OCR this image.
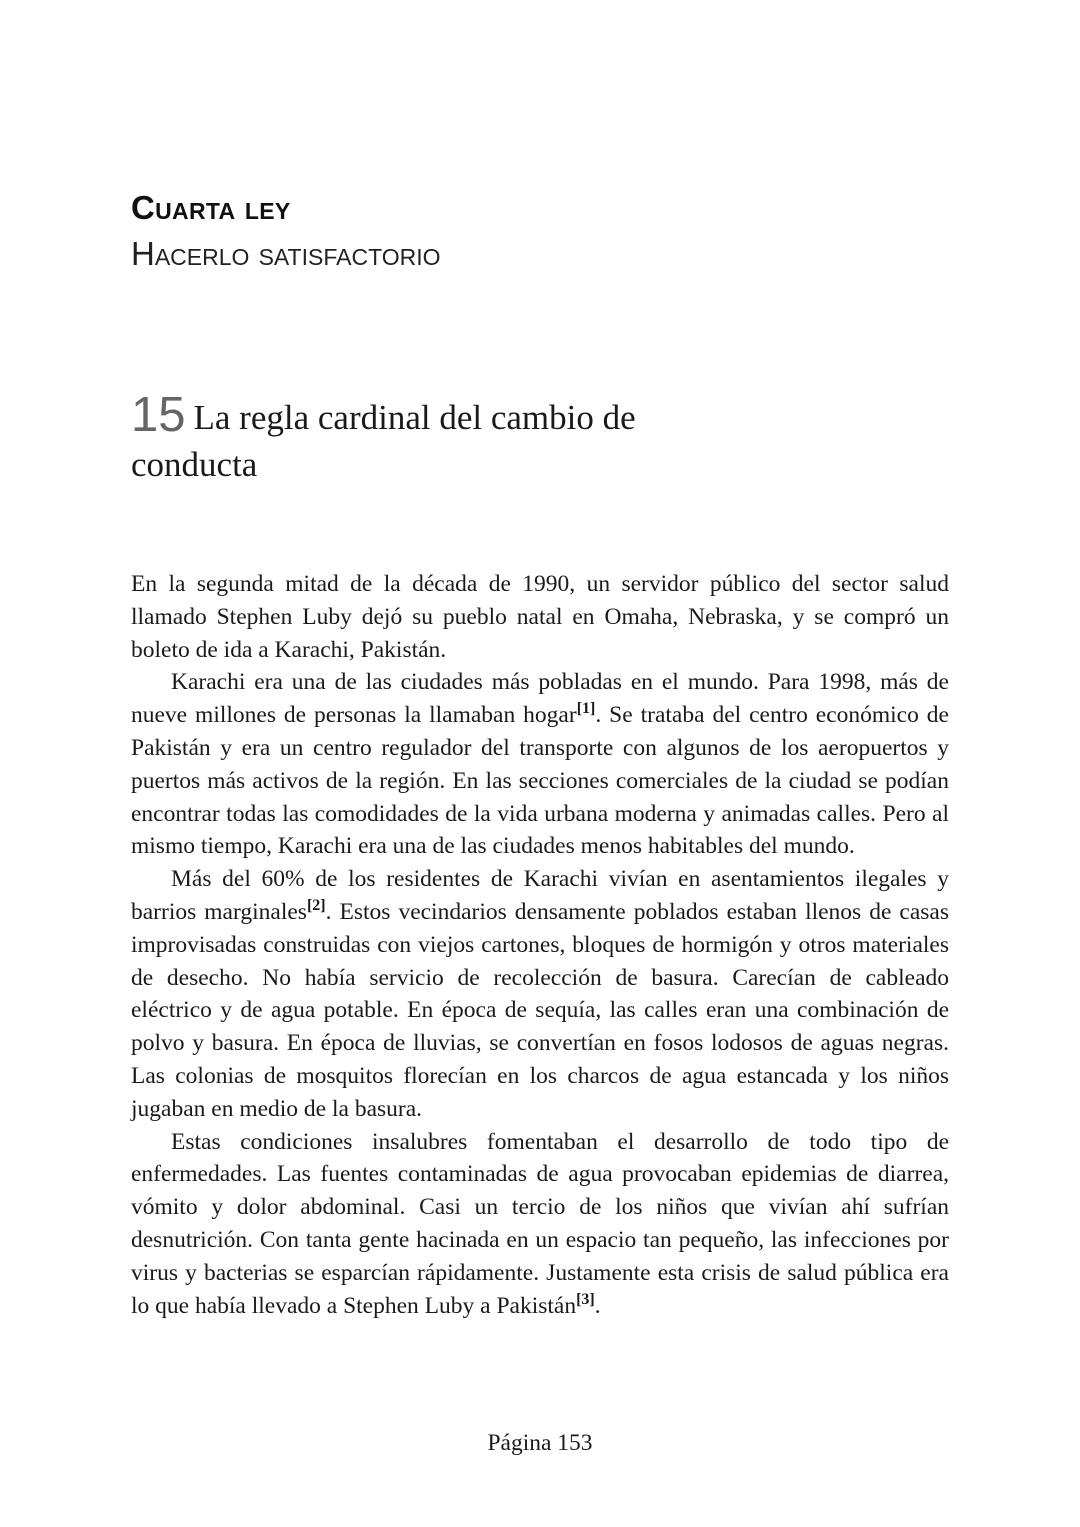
Cuarta ley
Hacerlo satisfactorio
15 La regla cardinal del cambio de conducta

En la segunda mitad de la década de 1990, un servidor público del sector salud llamado Stephen Luby dejó su pueblo natal en Omaha, Nebraska, y se compró un boleto de ida a Karachi, Pakistán.

Karachi era una de las ciudades más pobladas en el mundo. Para 1998, más de nueve millones de personas la llamaban hogar[1]. Se trataba del centro económico de Pakistán y era un centro regulador del transporte con algunos de los aeropuertos y puertos más activos de la región. En las secciones comerciales de la ciudad se podían encontrar todas las comodidades de la vida urbana moderna y animadas calles. Pero al mismo tiempo, Karachi era una de las ciudades menos habitables del mundo.

Más del 60% de los residentes de Karachi vivían en asentamientos ilegales y barrios marginales[2]. Estos vecindarios densamente poblados estaban llenos de casas improvisadas construidas con viejos cartones, bloques de hormigón y otros materiales de desecho. No había servicio de recolección de basura. Carecían de cableado eléctrico y de agua potable. En época de sequía, las calles eran una combinación de polvo y basura. En época de lluvias, se convertían en fosos lodosos de aguas negras. Las colonias de mosquitos florecían en los charcos de agua estancada y los niños jugaban en medio de la basura.

Estas condiciones insalubres fomentaban el desarrollo de todo tipo de enfermedades. Las fuentes contaminadas de agua provocaban epidemias de diarrea, vómito y dolor abdominal. Casi un tercio de los niños que vivían ahí sufrían desnutrición. Con tanta gente hacinada en un espacio tan pequeño, las infecciones por virus y bacterias se esparcían rápidamente. Justamente esta crisis de salud pública era lo que había llevado a Stephen Luby a Pakistán[3].

Página 153
